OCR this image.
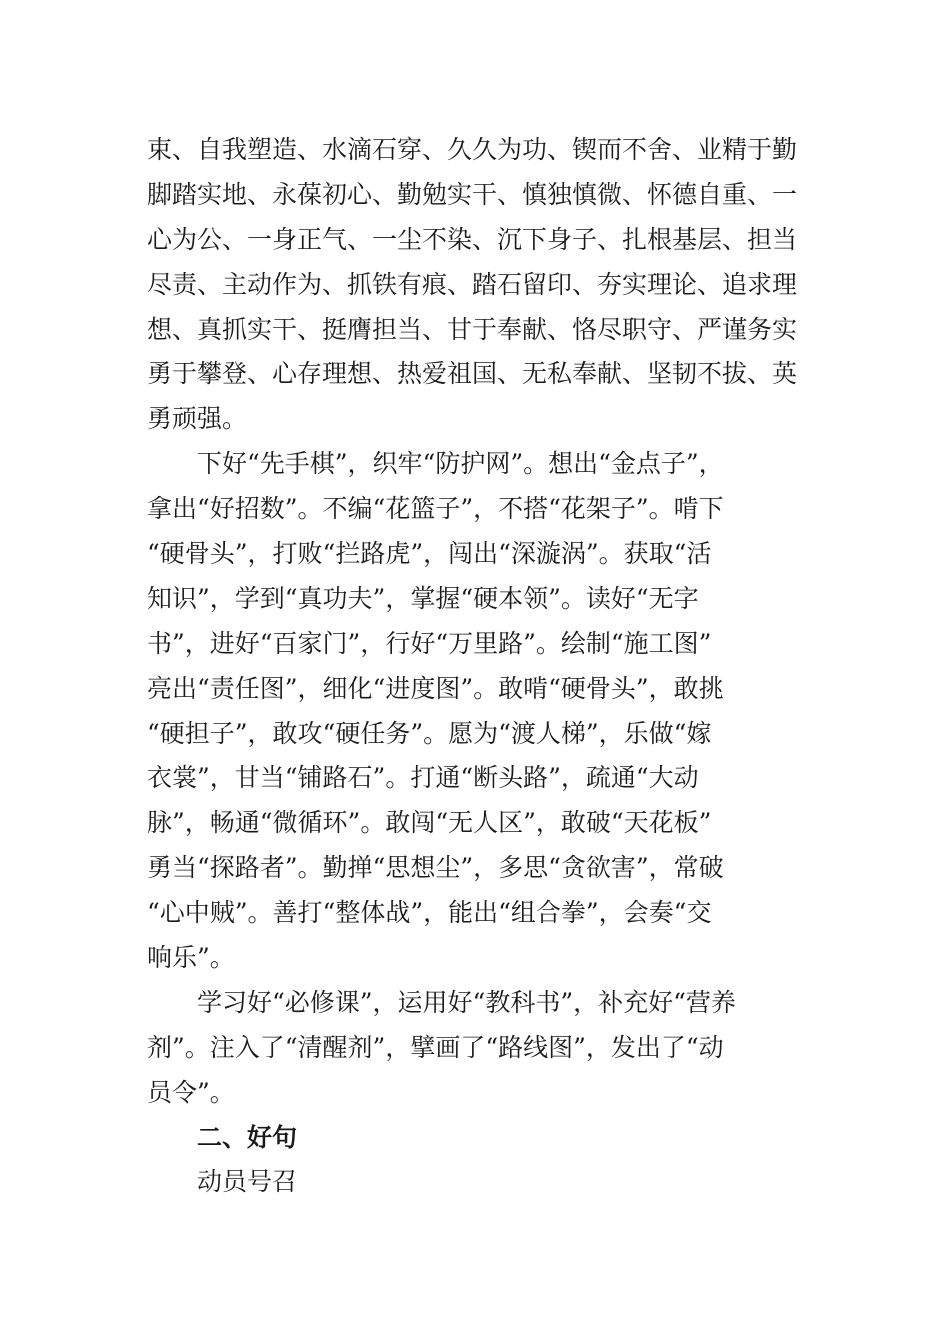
束、自我塑造、水滴石穿、久久为功、锲而不舍、业精于勤
脚踏实地、永葆初心、勤勉实干、慎独慎微、怀德自重、一
心为公、一身正气、一尘不染、沉下身子、扎根基层、担当
尽责、主动作为、抓铁有痕、踏石留印、夯实理论、追求理
想、真抓实干、挺膺担当、甘于奉献、恪尽职守、严谨务实
勇于攀登、心存理想、热爱祖国、无私奉献、坚韧不拔、英
勇顽强。
下好“先手棋”，织牢“防护网”。想出“金点子”，
拿出“好招数”。不编“花篮子”，不搭“花架子”。啃下
“硬骨头”，打败“拦路虎”，闯出“深漩涡”。获取“活
知识”，学到“真功夫”，掌握“硬本领”。读好“无字
书”，进好“百家门”，行好“万里路”。绘制“施工图”
亮出“责任图”，细化“进度图”。敢啃“硬骨头”，敢挑
“硬担子”，敢攻“硬任务”。愿为“渡人梯”，乐做“嫁
衣裳”，甘当“铺路石”。打通“断头路”，疏通“大动
脉”，畅通“微循环”。敢闯“无人区”，敢破“天花板”
勇当“探路者”。勤掸“思想尘”，多思“贪欲害”，常破
“心中贼”。善打“整体战”，能出“组合拳”，会奏“交
响乐”。
学习好“必修课”，运用好“教科书”，补充好“营养
剂”。注入了“清醒剂”，擘画了“路线图”，发出了“动
员令”。
二、好句
动员号召
